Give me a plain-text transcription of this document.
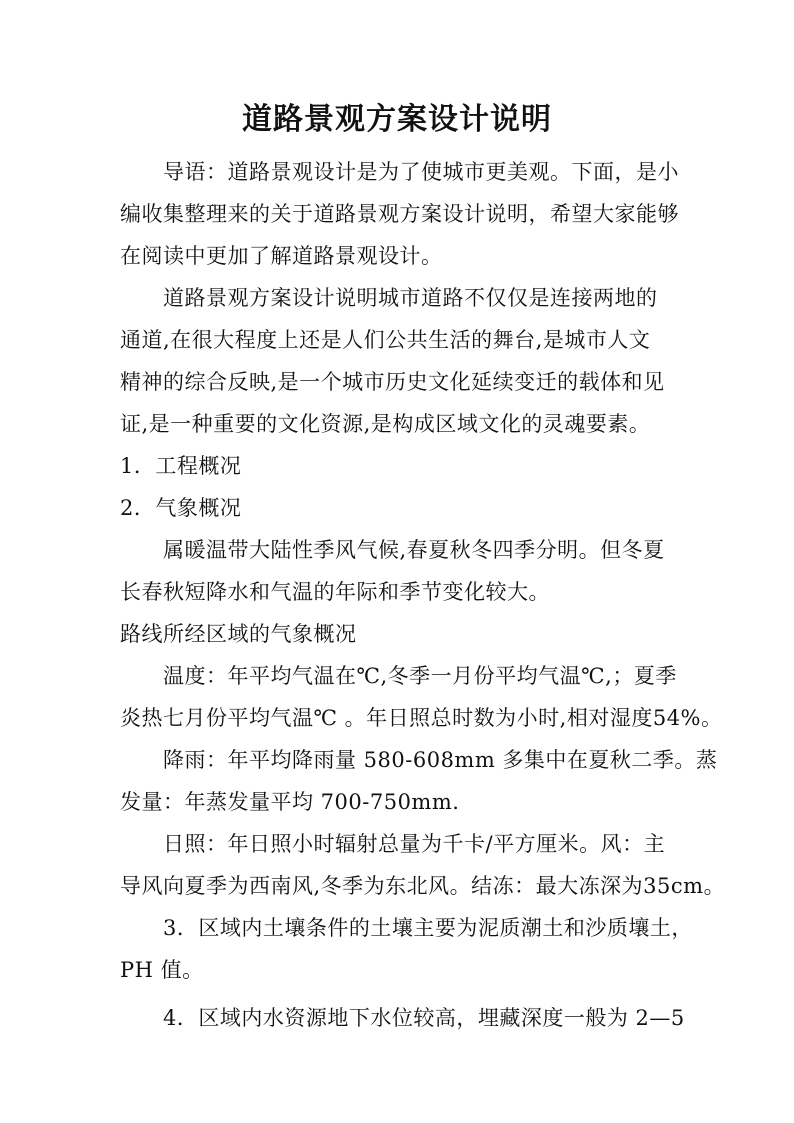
道路景观方案设计说明
导语：道路景观设计是为了使城市更美观。下面，是小
编收集整理来的关于道路景观方案设计说明，希望大家能够
在阅读中更加了解道路景观设计。
道路景观方案设计说明城市道路不仅仅是连接两地的
通道,在很大程度上还是人们公共生活的舞台,是城市人文
精神的综合反映,是一个城市历史文化延续变迁的载体和见
证,是一种重要的文化资源,是构成区域文化的灵魂要素。
1．工程概况
2．气象概况
属暖温带大陆性季风气候,春夏秋冬四季分明。但冬夏
长春秋短降水和气温的年际和季节变化较大。
路线所经区域的气象概况
温度：年平均气温在℃,冬季一月份平均气温℃,；夏季
炎热七月份平均气温℃ 。年日照总时数为小时,相对湿度54%。
降雨：年平均降雨量 580-608mm 多集中在夏秋二季。蒸
发量：年蒸发量平均 700-750mm.
日照：年日照小时辐射总量为千卡/平方厘米。风：主
导风向夏季为西南风,冬季为东北风。结冻：最大冻深为35cm。
3．区域内土壤条件的土壤主要为泥质潮土和沙质壤土，
PH 值。
4．区域内水资源地下水位较高，埋藏深度一般为 2—5
